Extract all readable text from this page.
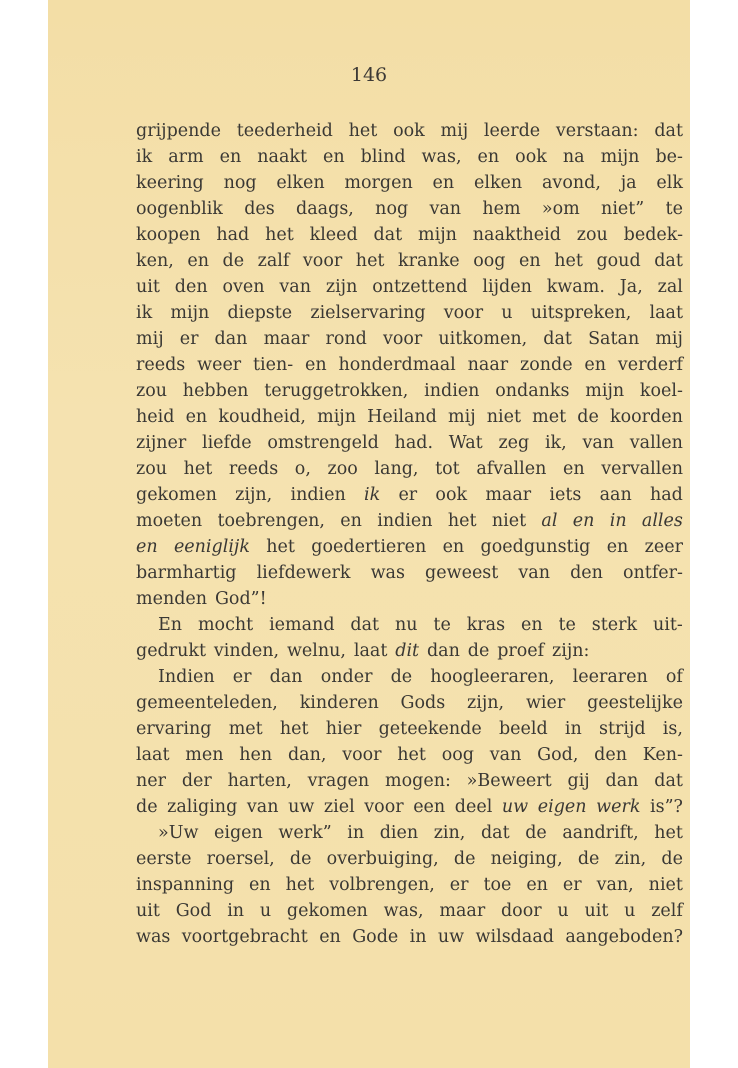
146
grijpende teederheid het ook mij leerde verstaan: dat
ik arm en naakt en blind was, en ook na mijn be-
keering nog elken morgen en elken avond, ja elk
oogenblik des daags, nog van hem »om niet” te
koopen had het kleed dat mijn naaktheid zou bedek-
ken, en de zalf voor het kranke oog en het goud dat
uit den oven van zijn ontzettend lijden kwam. Ja, zal
ik mijn diepste zielservaring voor u uitspreken, laat
mij er dan maar rond voor uitkomen, dat Satan mij
reeds weer tien- en honderdmaal naar zonde en verderf
zou hebben teruggetrokken, indien ondanks mijn koel-
heid en koudheid, mijn Heiland mij niet met de koorden
zijner liefde omstrengeld had. Wat zeg ik, van vallen
zou het reeds o, zoo lang, tot afvallen en vervallen
gekomen zijn, indien ik er ook maar iets aan had
moeten toebrengen, en indien het niet al en in alles
en eeniglijk het goedertieren en goedgunstig en zeer
barmhartig liefdewerk was geweest van den ontfer-
menden God”!
En mocht iemand dat nu te kras en te sterk uit-
gedrukt vinden, welnu, laat dit dan de proef zijn:
Indien er dan onder de hoogleeraren, leeraren of
gemeenteleden, kinderen Gods zijn, wier geestelijke
ervaring met het hier geteekende beeld in strijd is,
laat men hen dan, voor het oog van God, den Ken-
ner der harten, vragen mogen: »Beweert gij dan dat
de zaliging van uw ziel voor een deel uw eigen werk is”?
»Uw eigen werk” in dien zin, dat de aandrift, het
eerste roersel, de overbuiging, de neiging, de zin, de
inspanning en het volbrengen, er toe en er van, niet
uit God in u gekomen was, maar door u uit u zelf
was voortgebracht en Gode in uw wilsdaad aangeboden?
